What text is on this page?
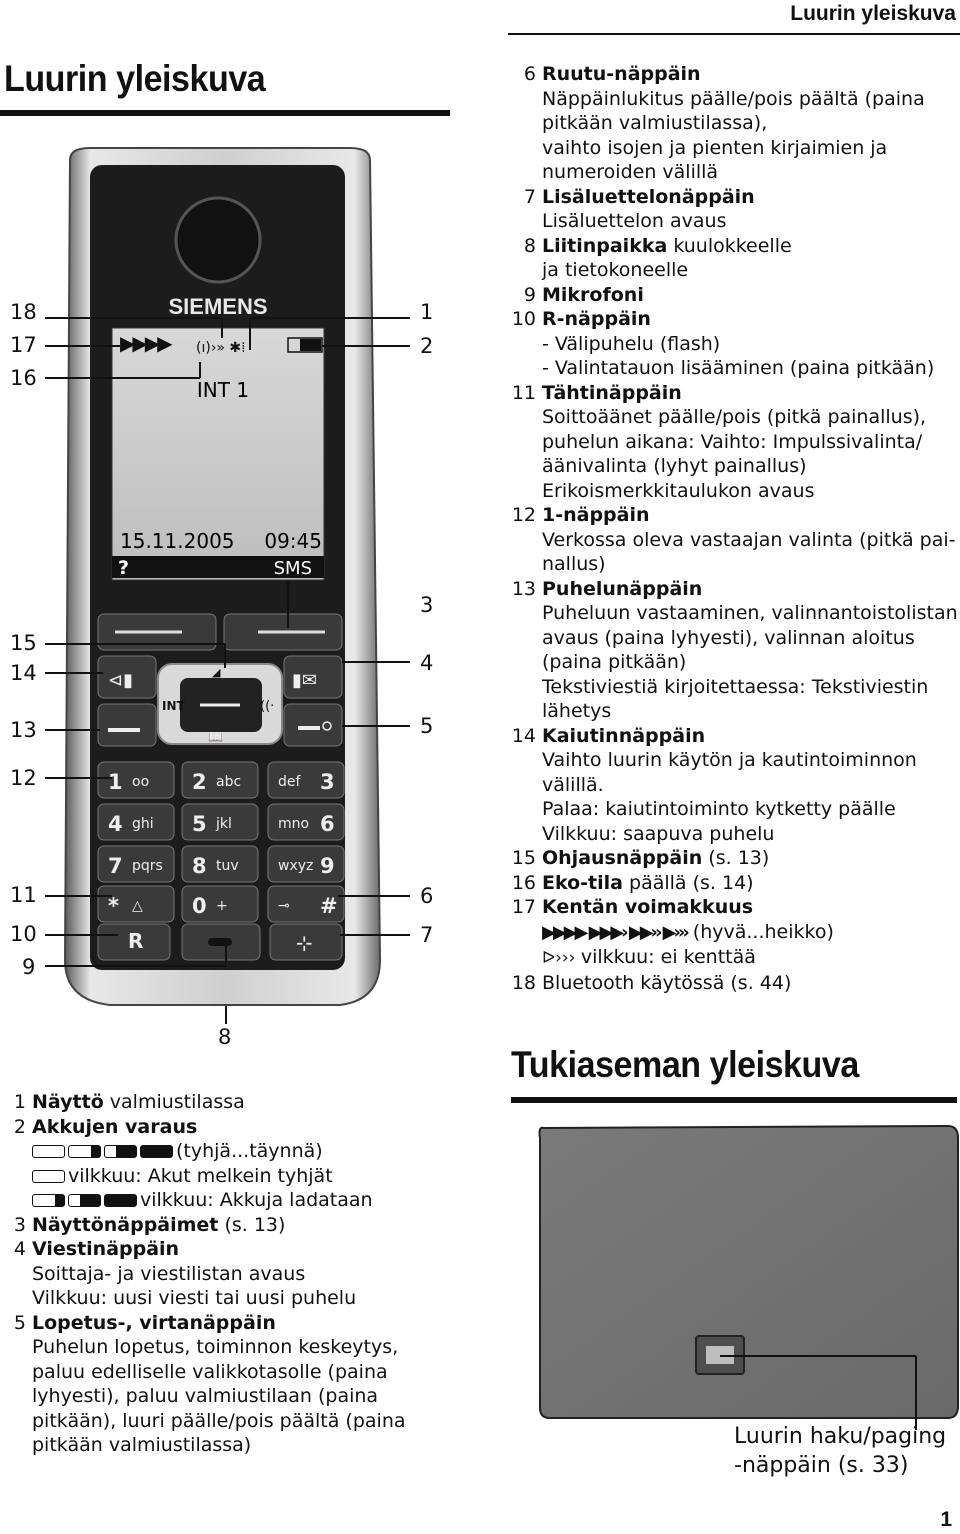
Luurin yleiskuva
Luurin yleiskuva
SIEMENS
▶▶▶▶ (ı)›» ✱⁞
INT 1
15.11.2005 09:45
?	SMS
⊲▮	▮✉
INT	((·
📖
◢
1 oo 2 abc	3
def
4 ghi 5 jkl	6
mno
7 pqrs 8 tuv	9
wxyz
* △ 0 +	#
⊸
R	⊹
18
17
16
15
14
13
12
11
10
9
1
2
3
4
5
6
7
8
1 Näyttö valmiustilassa
2 Akkujen varaus
(tyhjä...täynnä)
vilkkuu: Akut melkein tyhjät
vilkkuu: Akkuja ladataan
3 Näyttönäppäimet (s. 13)
4 Viestinäppäin
Soittaja- ja viestilistan avaus
Vilkkuu: uusi viesti tai uusi puhelu
5 Lopetus-, virtanäppäin
Puhelun lopetus, toiminnon keskeytys,
paluu edelliselle valikkotasolle (paina
lyhyesti), paluu valmiustilaan (paina
pitkään), luuri päälle/pois päältä (paina
pitkään valmiustilassa)
6 Ruutu-näppäin
Näppäinlukitus päälle/pois päältä (paina
pitkään valmiustilassa),
vaihto isojen ja pienten kirjaimien ja
numeroiden välillä
7 Lisäluettelonäppäin
Lisäluettelon avaus
8 Liitinpaikka kuulokkeelle
ja tietokoneelle
9 Mikrofoni
10 R-näppäin
- Välipuhelu (flash)
- Valintatauon lisääminen (paina pitkään)
11 Tähtinäppäin
Soittoäänet päälle/pois (pitkä painallus),
puhelun aikana: Vaihto: Impulssivalinta/
äänivalinta (lyhyt painallus)
Erikoismerkkitaulukon avaus
12 1-näppäin
Verkossa oleva vastaajan valinta (pitkä pai-
nallus)
13 Puhelunäppäin
Puheluun vastaaminen, valinnantoistolistan
avaus (paina lyhyesti), valinnan aloitus
(paina pitkään)
Tekstiviestiä kirjoitettaessa: Tekstiviestin
lähetys
14 Kaiutinnäppäin
Vaihto luurin käytön ja kautintoiminnon
välillä.
Palaa: kaiutintoiminto kytketty päälle
Vilkkuu: saapuva puhelu
15 Ohjausnäppäin (s. 13)
16 Eko-tila päällä (s. 14)
17 Kentän voimakkuus
▶▶▶▶ ▶▶▶› ▶▶›› ▶››› (hyvä...heikko)
ᐅ››› vilkkuu: ei kenttää
18 Bluetooth käytössä (s. 44)
Tukiaseman yleiskuva
Luurin haku/paging
-näppäin (s. 33)
1
